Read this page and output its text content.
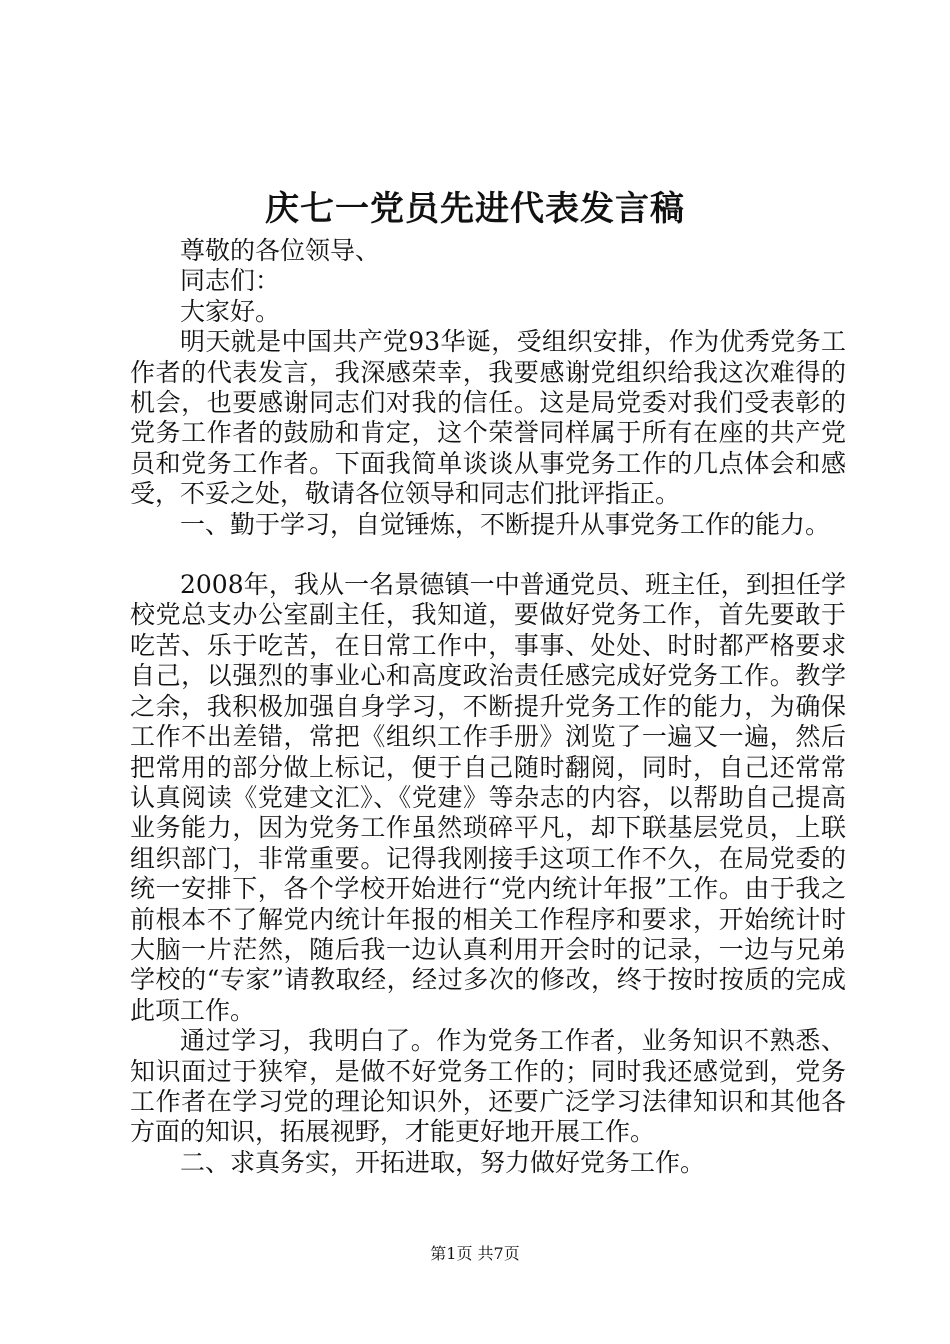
庆七一党员先进代表发言稿

尊敬的各位领导、

同志们：

大家好。

明天就是中国共产党93华诞，受组织安排，作为优秀党务工作者的代表发言，我深感荣幸，我要感谢党组织给我这次难得的机会，也要感谢同志们对我的信任。这是局党委对我们受表彰的党务工作者的鼓励和肯定，这个荣誉同样属于所有在座的共产党员和党务工作者。下面我简单谈谈从事党务工作的几点体会和感受，不妥之处，敬请各位领导和同志们批评指正。

一、勤于学习，自觉锤炼，不断提升从事党务工作的能力。

2008年，我从一名景德镇一中普通党员、班主任，到担任学校党总支办公室副主任，我知道，要做好党务工作，首先要敢于吃苦、乐于吃苦，在日常工作中，事事、处处、时时都严格要求自己，以强烈的事业心和高度政治责任感完成好党务工作。教学之余，我积极加强自身学习，不断提升党务工作的能力，为确保工作不出差错，常把《组织工作手册》浏览了一遍又一遍，然后把常用的部分做上标记，便于自己随时翻阅，同时，自己还常常认真阅读《党建文汇》、《党建》等杂志的内容，以帮助自己提高业务能力，因为党务工作虽然琐碎平凡，却下联基层党员，上联组织部门，非常重要。记得我刚接手这项工作不久，在局党委的统一安排下，各个学校开始进行“党内统计年报”工作。由于我之前根本不了解党内统计年报的相关工作程序和要求，开始统计时大脑一片茫然，随后我一边认真利用开会时的记录，一边与兄弟学校的“专家”请教取经，经过多次的修改，终于按时按质的完成此项工作。

通过学习，我明白了。作为党务工作者，业务知识不熟悉、知识面过于狭窄，是做不好党务工作的；同时我还感觉到，党务工作者在学习党的理论知识外，还要广泛学习法律知识和其他各方面的知识，拓展视野，才能更好地开展工作。

二、求真务实，开拓进取，努力做好党务工作。

第1页 共7页
